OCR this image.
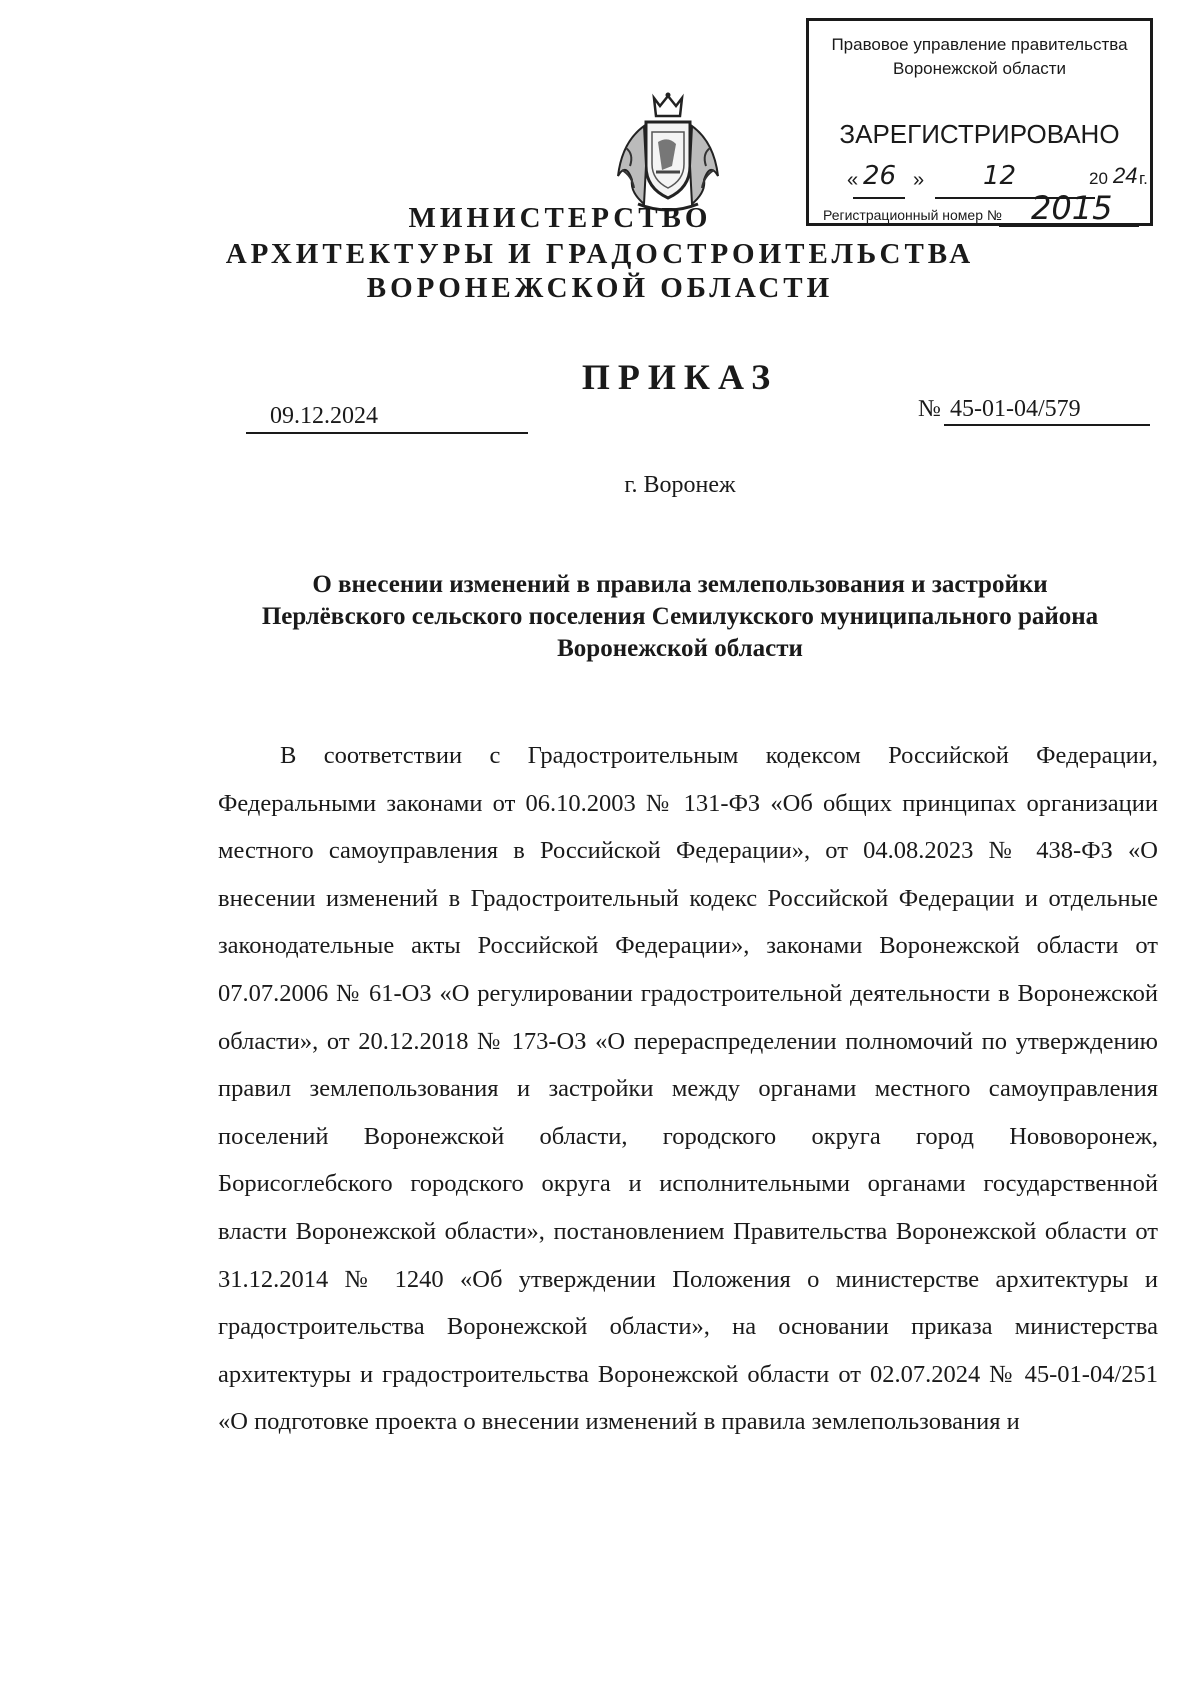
Правовое управление правительства
Воронежской области
ЗАРЕГИСТРИРОВАНО
« 26 » 12	20 24 г.
Регистрационный номер № 2015
МИНИСТЕРСТВО
АРХИТЕКТУРЫ И ГРАДОСТРОИТЕЛЬСТВА
ВОРОНЕЖСКОЙ ОБЛАСТИ
ПРИКАЗ
09.12.2024	№ 45-01-04/579
г. Воронеж
О внесении изменений в правила землепользования и застройки Перлёвского сельского поселения Семилукского муниципального района Воронежской области
В соответствии с Градостроительным кодексом Российской Федерации, Федеральными законами от 06.10.2003 № 131-ФЗ «Об общих принципах организации местного самоуправления в Российской Федерации», от 04.08.2023 № 438-ФЗ «О внесении изменений в Градостроительный кодекс Российской Федерации и отдельные законодательные акты Российской Федерации», законами Воронежской области от 07.07.2006 № 61-ОЗ «О регулировании градостроительной деятельности в Воронежской области», от 20.12.2018 № 173-ОЗ «О перераспределении полномочий по утверждению правил землепользования и застройки между органами местного самоуправления поселений Воронежской области, городского округа город Нововоронеж, Борисоглебского городского округа и исполнительными органами государственной власти Воронежской области», постановлением Правительства Воронежской области от 31.12.2014 № 1240 «Об утверждении Положения о министерстве архитектуры и градостроительства Воронежской области», на основании приказа министерства архитектуры и градостроительства Воронежской области от 02.07.2024 № 45-01-04/251 «О подготовке проекта о внесении изменений в правила землепользования и
